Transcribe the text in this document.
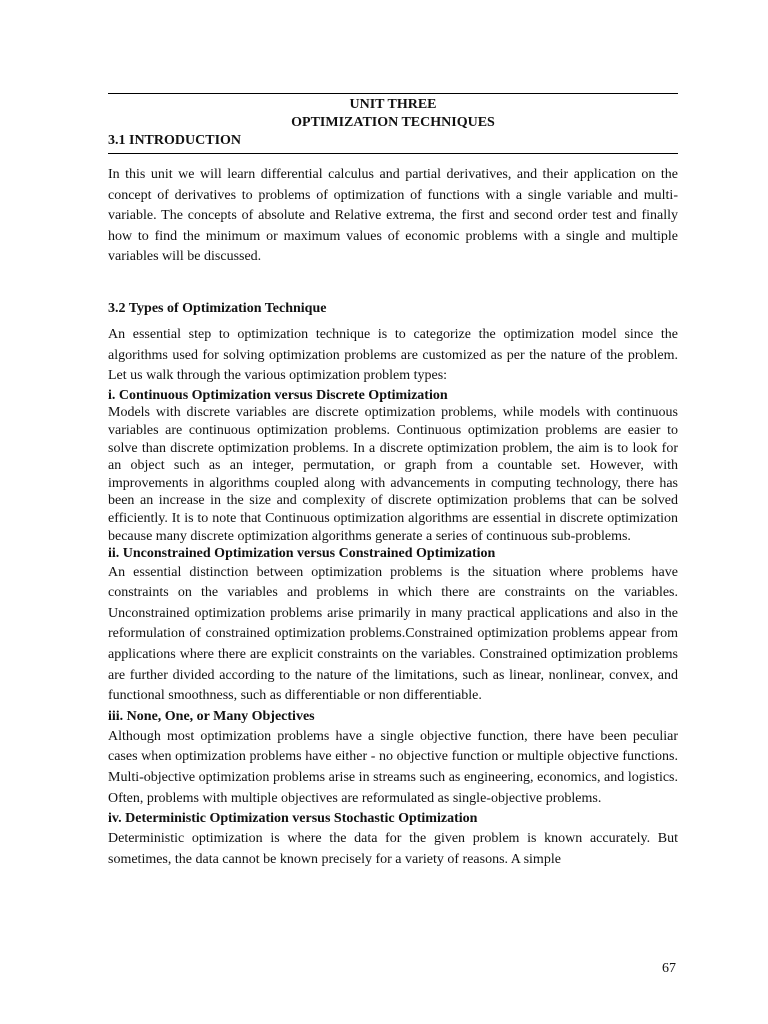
UNIT THREE
OPTIMIZATION TECHNIQUES
3.1 INTRODUCTION

In this unit we will learn differential calculus and partial derivatives, and their application on the concept of derivatives to problems of optimization of functions with a single variable and multi-variable. The concepts of absolute and Relative extrema, the first and second order test and finally how to find the minimum or maximum values of economic problems with a single and multiple variables will be discussed.

3.2 Types of Optimization Technique

An essential step to optimization technique is to categorize the optimization model since the algorithms used for solving optimization problems are customized as per the nature of the problem. Let us walk through the various optimization problem types:

i. Continuous Optimization versus Discrete Optimization

Models with discrete variables are discrete optimization problems, while models with continuous variables are continuous optimization problems. Continuous optimization problems are easier to solve than discrete optimization problems. In a discrete optimization problem, the aim is to look for an object such as an integer, permutation, or graph from a countable set. However, with improvements in algorithms coupled along with advancements in computing technology, there has been an increase in the size and complexity of discrete optimization problems that can be solved efficiently. It is to note that Continuous optimization algorithms are essential in discrete optimization because many discrete optimization algorithms generate a series of continuous sub-problems.

ii. Unconstrained Optimization versus Constrained Optimization

An essential distinction between optimization problems is the situation where problems have constraints on the variables and problems in which there are constraints on the variables. Unconstrained optimization problems arise primarily in many practical applications and also in the reformulation of constrained optimization problems.Constrained optimization problems appear from applications where there are explicit constraints on the variables. Constrained optimization problems are further divided according to the nature of the limitations, such as linear, nonlinear, convex, and functional smoothness, such as differentiable or non differentiable.

iii. None, One, or Many Objectives

Although most optimization problems have a single objective function, there have been peculiar cases when optimization problems have either - no objective function or multiple objective functions. Multi-objective optimization problems arise in streams such as engineering, economics, and logistics. Often, problems with multiple objectives are reformulated as single-objective problems.

iv. Deterministic Optimization versus Stochastic Optimization

Deterministic optimization is where the data for the given problem is known accurately. But sometimes, the data cannot be known precisely for a variety of reasons. A simple

67
